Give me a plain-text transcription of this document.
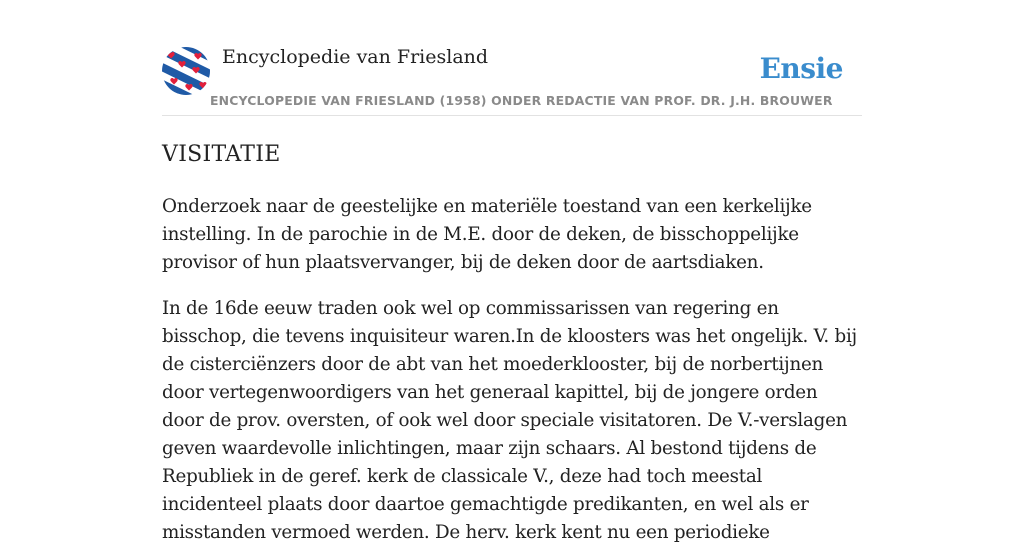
Encyclopedie van Friesland
ENCYCLOPEDIE VAN FRIESLAND (1958) ONDER REDACTIE VAN PROF. DR. J.H. BROUWER
Ensie
VISITATIE

Onderzoek naar de geestelijke en materiële toestand van een kerkelijke instelling. In de parochie in de M.E. door de deken, de bisschoppelijke provisor of hun plaatsvervanger, bij de deken door de aartsdiaken.

In de 16de eeuw traden ook wel op commissarissen van regering en bisschop, die tevens inquisiteur waren.In de kloosters was het ongelijk. V. bij de cisterciënzers door de abt van het moederklooster, bij de norbertijnen door vertegenwoordigers van het generaal kapittel, bij de jongere orden door de prov. oversten, of ook wel door speciale visitatoren. De V.-verslagen geven waardevolle inlichtingen, maar zijn schaars. Al bestond tijdens de Republiek in de geref. kerk de classicale V., deze had toch meestal incidenteel plaats door daartoe gemachtigde predikanten, en wel als er misstanden vermoed werden. De herv. kerk kent nu een periodieke
